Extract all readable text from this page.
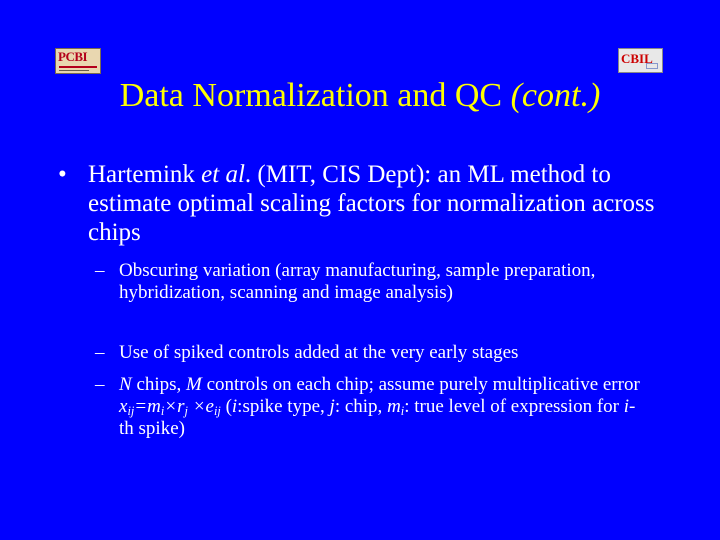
PCBI	CBIL
Data Normalization and QC (cont.)
• Hartemink et al. (MIT, CIS Dept): an ML method to estimate optimal scaling factors for normalization across chips
– Obscuring variation (array manufacturing, sample preparation, hybridization, scanning and image analysis)
– Use of spiked controls added at the very early stages
– N chips, M controls on each chip; assume purely multiplicative error $x_{ij}=m_i\times r_j \times e_{ij}$ (i:spike type, j: chip, $m_i$: true level of expression for i-th spike)
